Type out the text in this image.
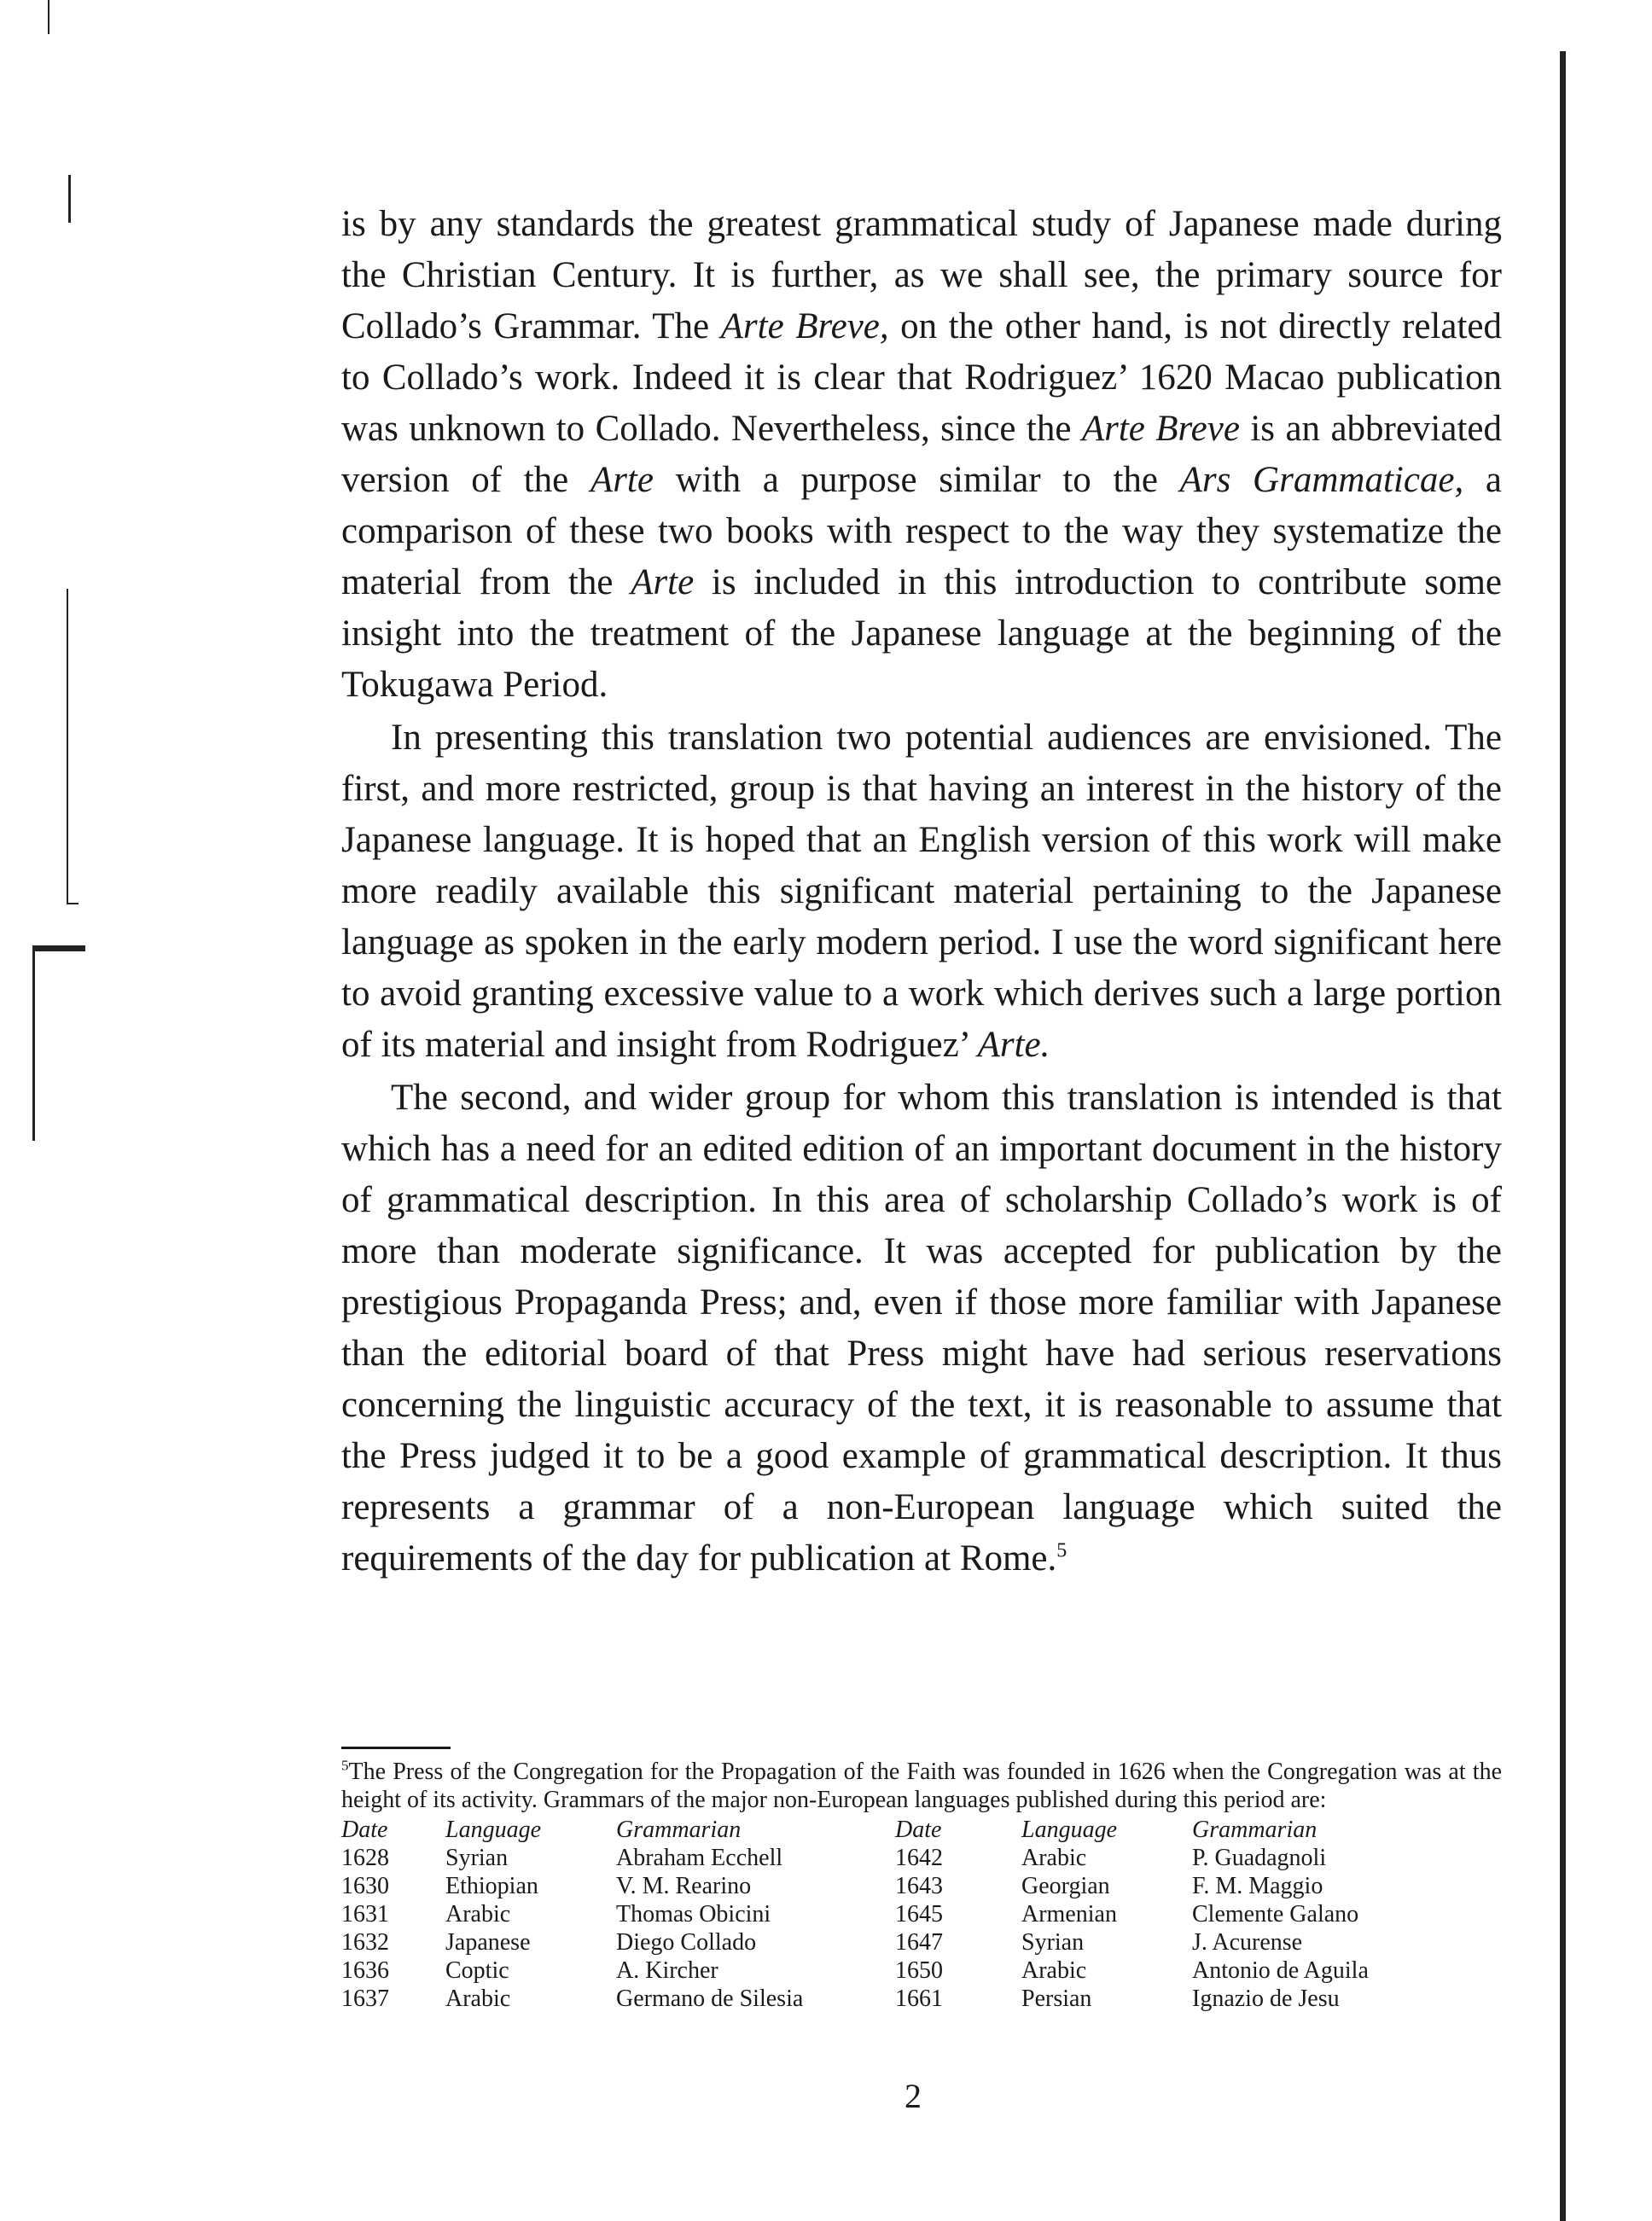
is by any standards the greatest grammatical study of Japanese made during the Christian Century. It is further, as we shall see, the primary source for Collado’s Grammar. The Arte Breve, on the other hand, is not directly related to Collado’s work. Indeed it is clear that Rodriguez’ 1620 Macao publication was unknown to Collado. Nevertheless, since the Arte Breve is an abbreviated version of the Arte with a purpose similar to the Ars Grammaticae, a comparison of these two books with respect to the way they systematize the material from the Arte is included in this introduction to contribute some insight into the treatment of the Japanese language at the beginning of the Tokugawa Period.

In presenting this translation two potential audiences are envisioned. The first, and more restricted, group is that having an interest in the history of the Japanese language. It is hoped that an English version of this work will make more readily available this significant material pertaining to the Japanese language as spoken in the early modern period. I use the word significant here to avoid granting excessive value to a work which derives such a large portion of its material and insight from Rodriguez’ Arte.

The second, and wider group for whom this translation is intended is that which has a need for an edited edition of an important document in the history of grammatical description. In this area of scholarship Collado’s work is of more than moderate significance. It was accepted for publication by the prestigious Propaganda Press; and, even if those more familiar with Japanese than the editorial board of that Press might have had serious reservations concerning the linguistic accuracy of the text, it is reasonable to assume that the Press judged it to be a good example of grammatical description. It thus represents a grammar of a non-European language which suited the requirements of the day for publication at Rome.$^5$

$^5$The Press of the Congregation for the Propagation of the Faith was founded in 1626 when the Congregation was at the height of its activity. Grammars of the major non-European languages published during this period are:

Date	Language	Grammarian	Date	Language	Grammarian
1628	Syrian	Abraham Ecchell	1642	Arabic	P. Guadagnoli
1630	Ethiopian	V. M. Rearino	1643	Georgian	F. M. Maggio
1631	Arabic	Thomas Obicini	1645	Armenian	Clemente Galano
1632	Japanese	Diego Collado	1647	Syrian	J. Acurense
1636	Coptic	A. Kircher	1650	Arabic	Antonio de Aguila
1637	Arabic	Germano de Silesia	1661	Persian	Ignazio de Jesu
2
